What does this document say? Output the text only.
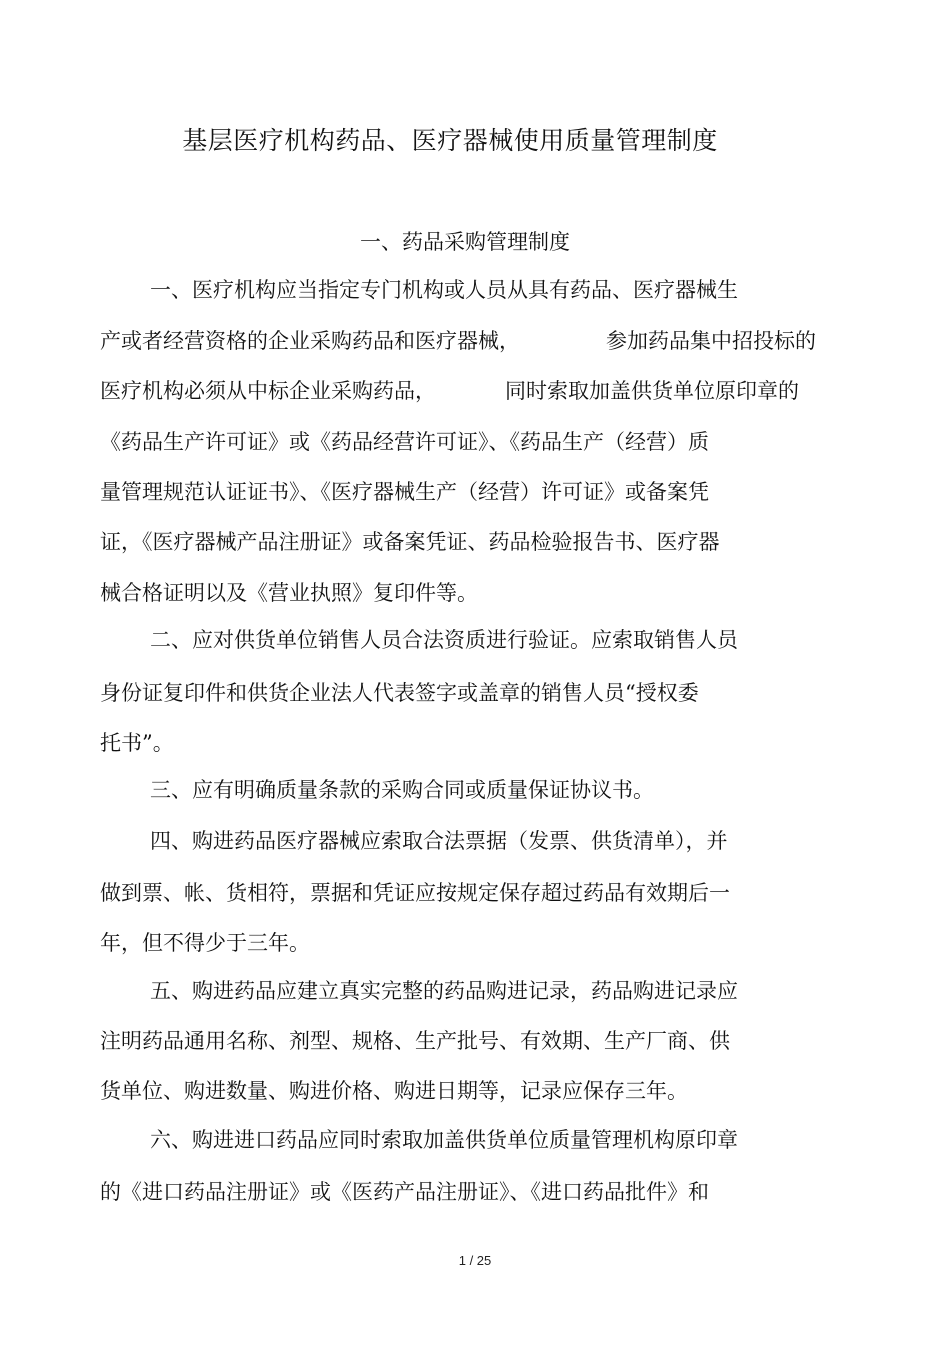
基层医疗机构药品、医疗器械使用质量管理制度
一、药品采购管理制度
一、医疗机构应当指定专门机构或人员从具有药品、医疗器械生
产或者经营资格的企业采购药品和医疗器械，	参加药品集中招投标的
医疗机构必须从中标企业采购药品，	同时索取加盖供货单位原印章的
《药品生产许可证》或《药品经营许可证》、《药品生产（经营）质
量管理规范认证证书》、《医疗器械生产（经营）许可证》或备案凭
证，《医疗器械产品注册证》或备案凭证、药品检验报告书、医疗器
械合格证明以及《营业执照》复印件等。
二、应对供货单位销售人员合法资质进行验证。应索取销售人员
身份证复印件和供货企业法人代表签字或盖章的销售人员“授权委
托书”。
三、应有明确质量条款的采购合同或质量保证协议书。
四、购进药品医疗器械应索取合法票据（发票、供货清单），并
做到票、帐、货相符，票据和凭证应按规定保存超过药品有效期后一
年，但不得少于三年。
五、购进药品应建立真实完整的药品购进记录，药品购进记录应
注明药品通用名称、剂型、规格、生产批号、有效期、生产厂商、供
货单位、购进数量、购进价格、购进日期等，记录应保存三年。
六、购进进口药品应同时索取加盖供货单位质量管理机构原印章
的《进口药品注册证》或《医药产品注册证》、《进口药品批件》和
1 / 25
